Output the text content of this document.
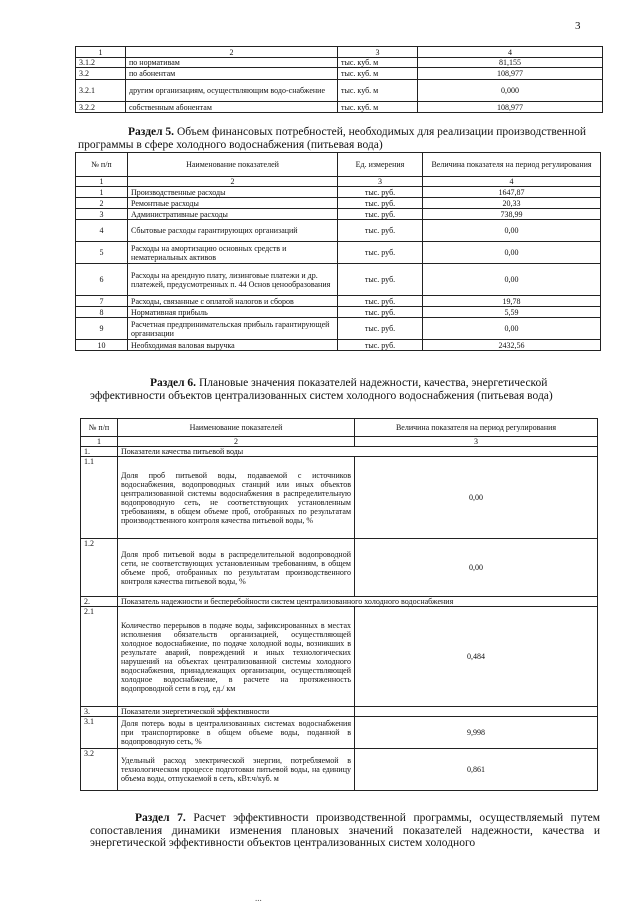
3
1	2	3	4
3.1.2	по нормативам	тыс. куб. м	81,155
3.2	по абонентам	тыс. куб. м	108,977
3.2.1	другим организациям, осуществляющим водо-снабжение	тыс. куб. м	0,000
3.2.2	собственным абонентам	тыс. куб. м	108,977
Раздел 5. Объем финансовых потребностей, необходимых для реализации производственной программы в сфере холодного водоснабжения (питьевая вода)
№ п/п	Наименование показателей	Ед. измерения	Величина показателя на период регулирования
1	2	3	4
1	Производственные расходы	тыс. руб.	1647,87
2	Ремонтные расходы	тыс. руб.	20,33
3	Административные расходы	тыс. руб.	738,99
4	Сбытовые расходы гарантирующих организаций	тыс. руб.	0,00
5	Расходы на амортизацию основных средств и нематериальных активов	тыс. руб.	0,00
6	Расходы на арендную плату, лизинговые платежи и др. платежей, предусмотренных п. 44 Основ ценообразования	тыс. руб.	0,00
7	Расходы, связанные с оплатой налогов и сборов	тыс. руб.	19,78
8	Нормативная прибыль	тыс. руб.	5,59
9	Расчетная предпринимательская прибыль гарантирующей организации	тыс. руб.	0,00
10	Необходимая валовая выручка	тыс. руб.	2432,56
Раздел 6. Плановые значения показателей надежности, качества, энергетической эффективности объектов централизованных систем холодного водоснабжения (питьевая вода)
№ п/п	Наименование показателей	Величина показателя на период регулирования
1	2	3
1.	Показатели качества питьевой воды	
1.1	Доля проб питьевой воды, подаваемой с источников водоснабжения, водопроводных станций или иных объектов централизованной системы водоснабжения в распределительную водопроводную сеть, не соответствующих установленным требованиям, в общем объеме проб, отобранных по результатам производственного контроля качества питьевой воды, %	0,00
1.2	Доля проб питьевой воды в распределительной водопроводной сети, не соответствующих установленным требованиям, в общем объеме проб, отобранных по результатам производственного контроля качества питьевой воды, %	0,00
2.	Показатель надежности и бесперебойности систем централизованного холодного водоснабжения	
2.1	Количество перерывов в подаче воды, зафиксированных в местах исполнения обязательств организацией, осуществляющей холодное водоснабжение, по подаче холодной воды, возникших в результате аварий, повреждений и иных технологических нарушений на объектах централизованной системы холодного водоснабжения, принадлежащих организации, осуществляющей холодное водоснабжение, в расчете на протяженность водопроводной сети в год, ед./ км	0,484
3.	Показатели энергетической эффективности	
3.1	Доля потерь воды в централизованных системах водоснабжения при транспортировке в общем объеме воды, поданной в водопроводную сеть, %	9,998
3.2	Удельный расход электрической энергии, потребляемой в технологическом процессе подготовки питьевой воды, на единицу объема воды, отпускаемой в сеть, кВт.ч/куб. м	0,861
Раздел 7. Расчет эффективности производственной программы, осуществляемый путем сопоставления динамики изменения плановых значений показателей надежности, качества и энергетической эффективности объектов централизованных систем холодного
...
